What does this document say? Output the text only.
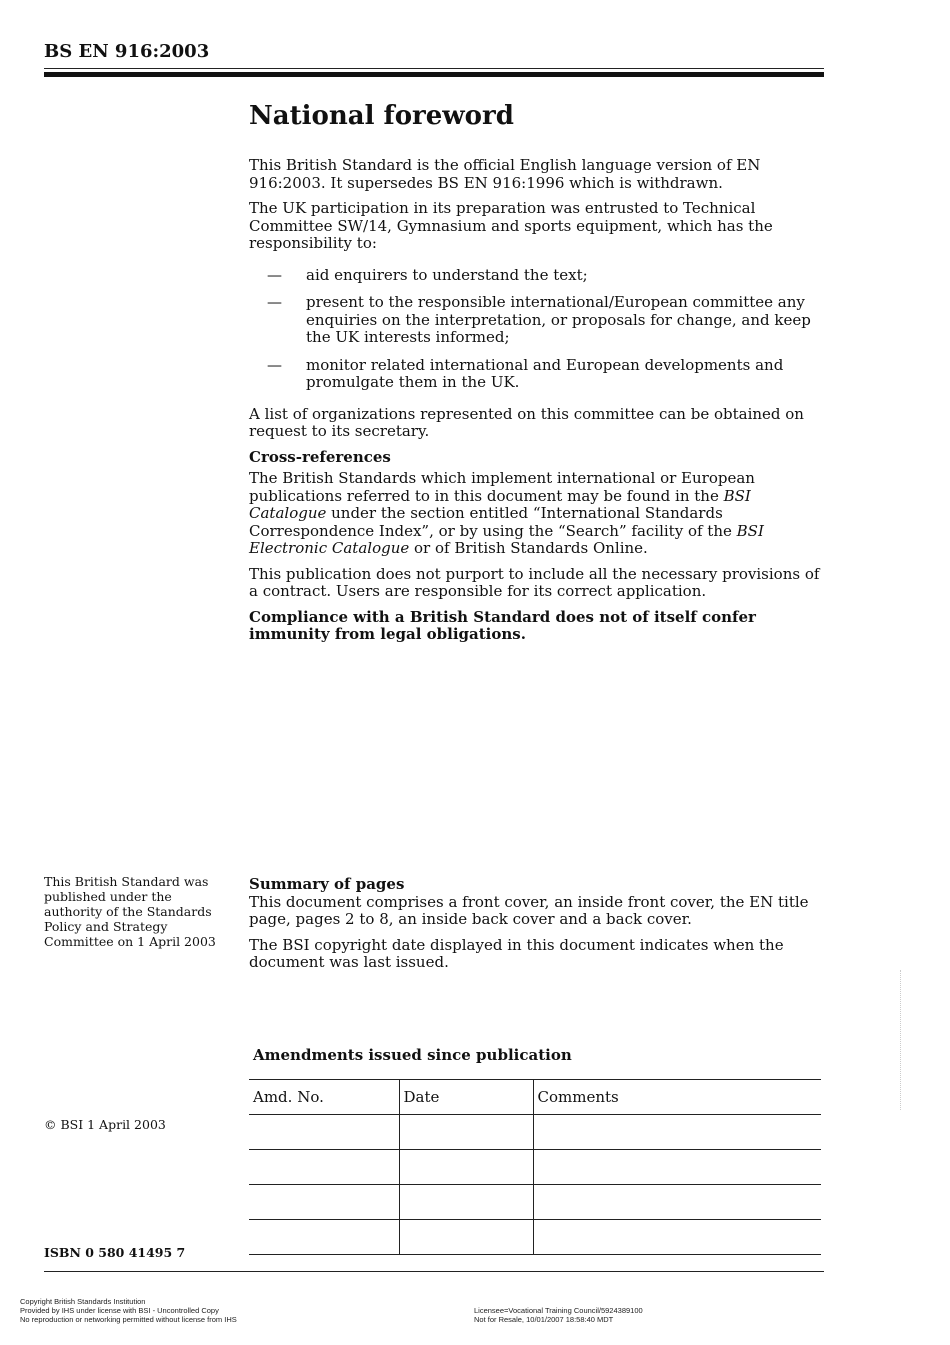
BS EN 916:2003
National foreword

This British Standard is the official English language version of EN 916:2003. It supersedes BS EN 916:1996 which is withdrawn.

The UK participation in its preparation was entrusted to Technical Committee SW/14, Gymnasium and sports equipment, which has the responsibility to:

— aid enquirers to understand the text;
— present to the responsible international/European committee any enquiries on the interpretation, or proposals for change, and keep the UK interests informed;
— monitor related international and European developments and promulgate them in the UK.

A list of organizations represented on this committee can be obtained on request to its secretary.

Cross-references

The British Standards which implement international or European publications referred to in this document may be found in the BSI Catalogue under the section entitled “International Standards Correspondence Index”, or by using the “Search” facility of the BSI Electronic Catalogue or of British Standards Online.

This publication does not purport to include all the necessary provisions of a contract. Users are responsible for its correct application.

Compliance with a British Standard does not of itself confer immunity from legal obligations.

This British Standard was published under the authority of the Standards Policy and Strategy Committee on 1 April 2003
Summary of pages

This document comprises a front cover, an inside front cover, the EN title page, pages 2 to 8, an inside back cover and a back cover.

The BSI copyright date displayed in this document indicates when the document was last issued.

Amendments issued since publication
Amd. No.	Date	Comments

© BSI 1 April 2003
ISBN 0 580 41495 7
Copyright British Standards Institution
Provided by IHS under license with BSI - Uncontrolled Copy
No reproduction or networking permitted without license from IHS
Licensee=Vocational Training Council/5924389100
Not for Resale, 10/01/2007 18:58:40 MDT
